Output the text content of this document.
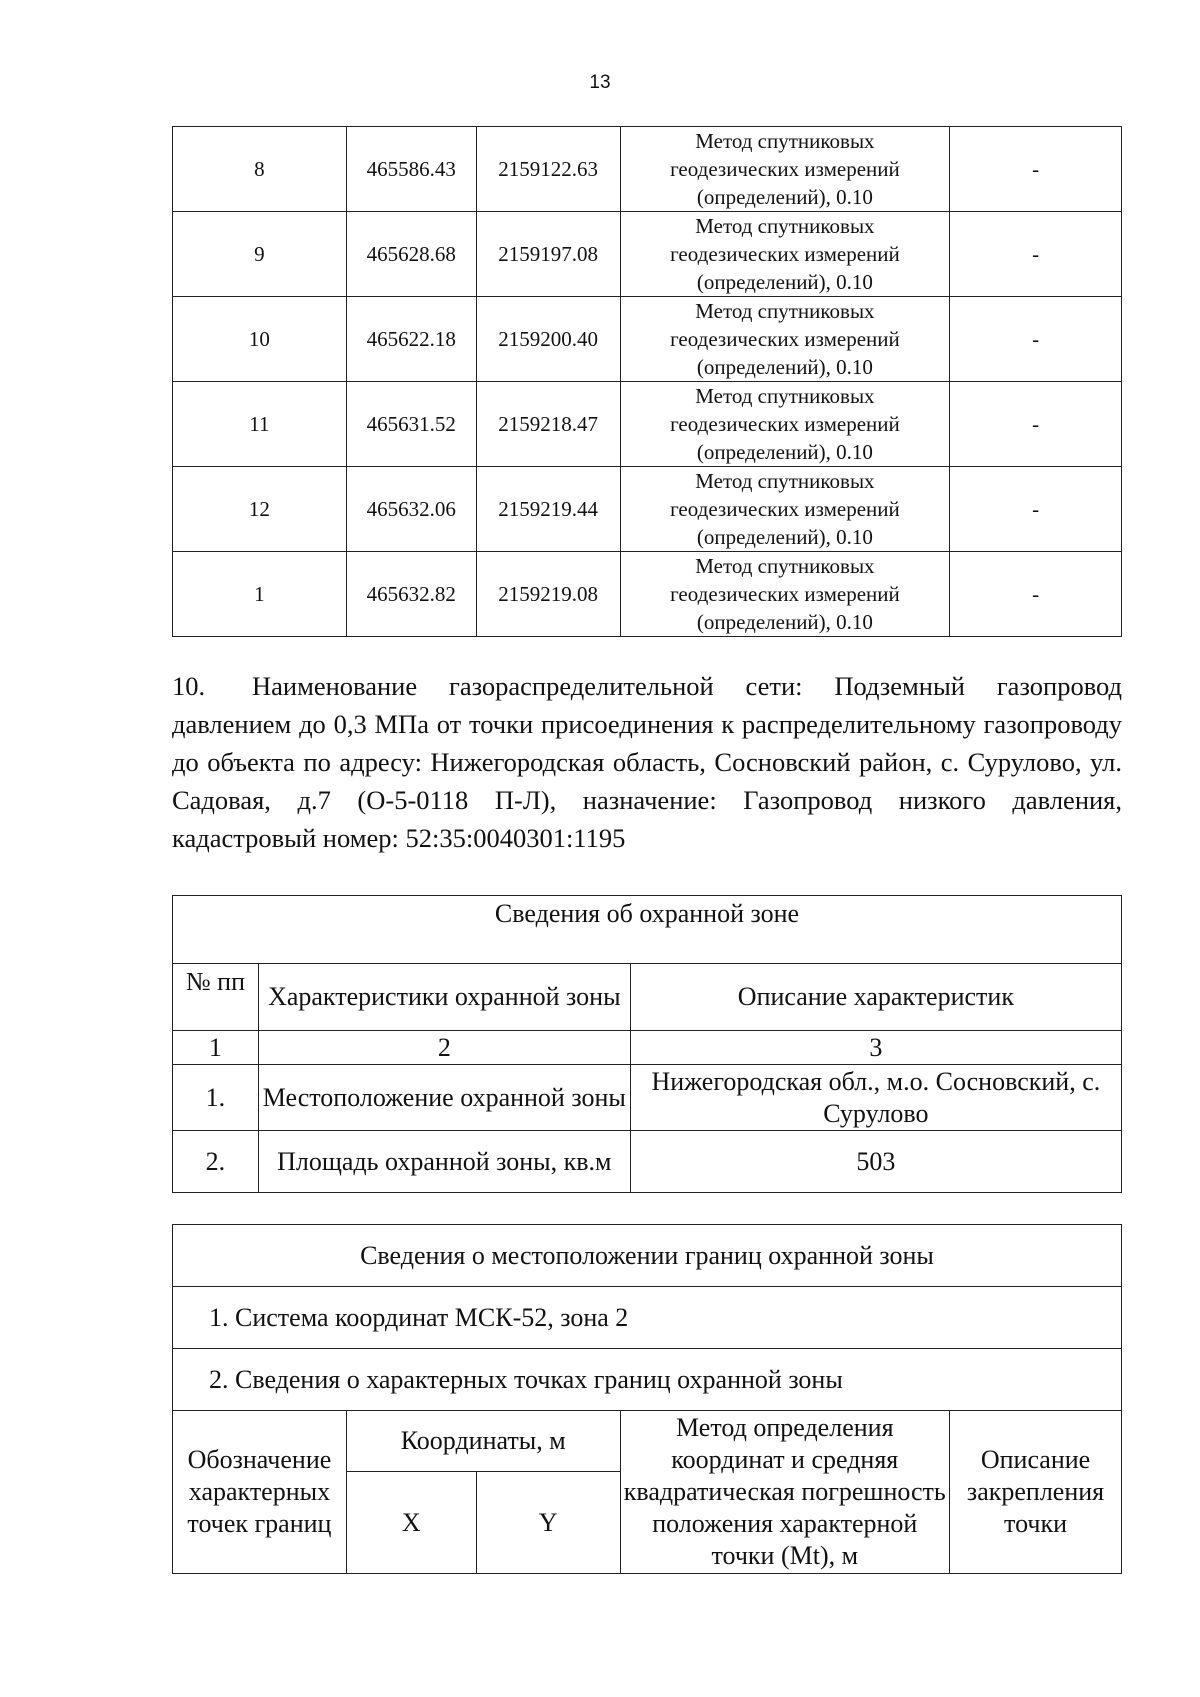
13
8	465586.43	2159122.63	Метод спутниковых
геодезических измерений
(определений), 0.10	-
9	465628.68	2159197.08	Метод спутниковых
геодезических измерений
(определений), 0.10	-
10	465622.18	2159200.40	Метод спутниковых
геодезических измерений
(определений), 0.10	-
11	465631.52	2159218.47	Метод спутниковых
геодезических измерений
(определений), 0.10	-
12	465632.06	2159219.44	Метод спутниковых
геодезических измерений
(определений), 0.10	-
1	465632.82	2159219.08	Метод спутниковых
геодезических измерений
(определений), 0.10	-

10. Наименование газораспределительной сети: Подземный газопровод давлением до 0,3 МПа от точки присоединения к распределительному газопроводу до объекта по адресу: Нижегородская область, Сосновский район, с. Сурулово, ул. Садовая, д.7 (О-5-0118 П-Л), назначение: Газопровод низкого давления, кадастровый номер: 52:35:0040301:1195

Сведения об охранной зоне		
№ пп	Характеристики охранной зоны	Описание характеристик
1	2	3
1.	Местоположение охранной зоны	Нижегородская обл., м.о. Сосновский, с. Сурулово
2.	Площадь охранной зоны, кв.м	503
Сведения о местоположении границ охранной зоны				
1. Система координат МСК-52, зона 2				
2. Сведения о характерных точках границ охранной зоны				
Обозначение характерных точек границ	Координаты, м		Метод определения координат и средняя квадратическая погрешность положения характерной точки (Mt), м	Описание закрепления точки
	X	Y		
